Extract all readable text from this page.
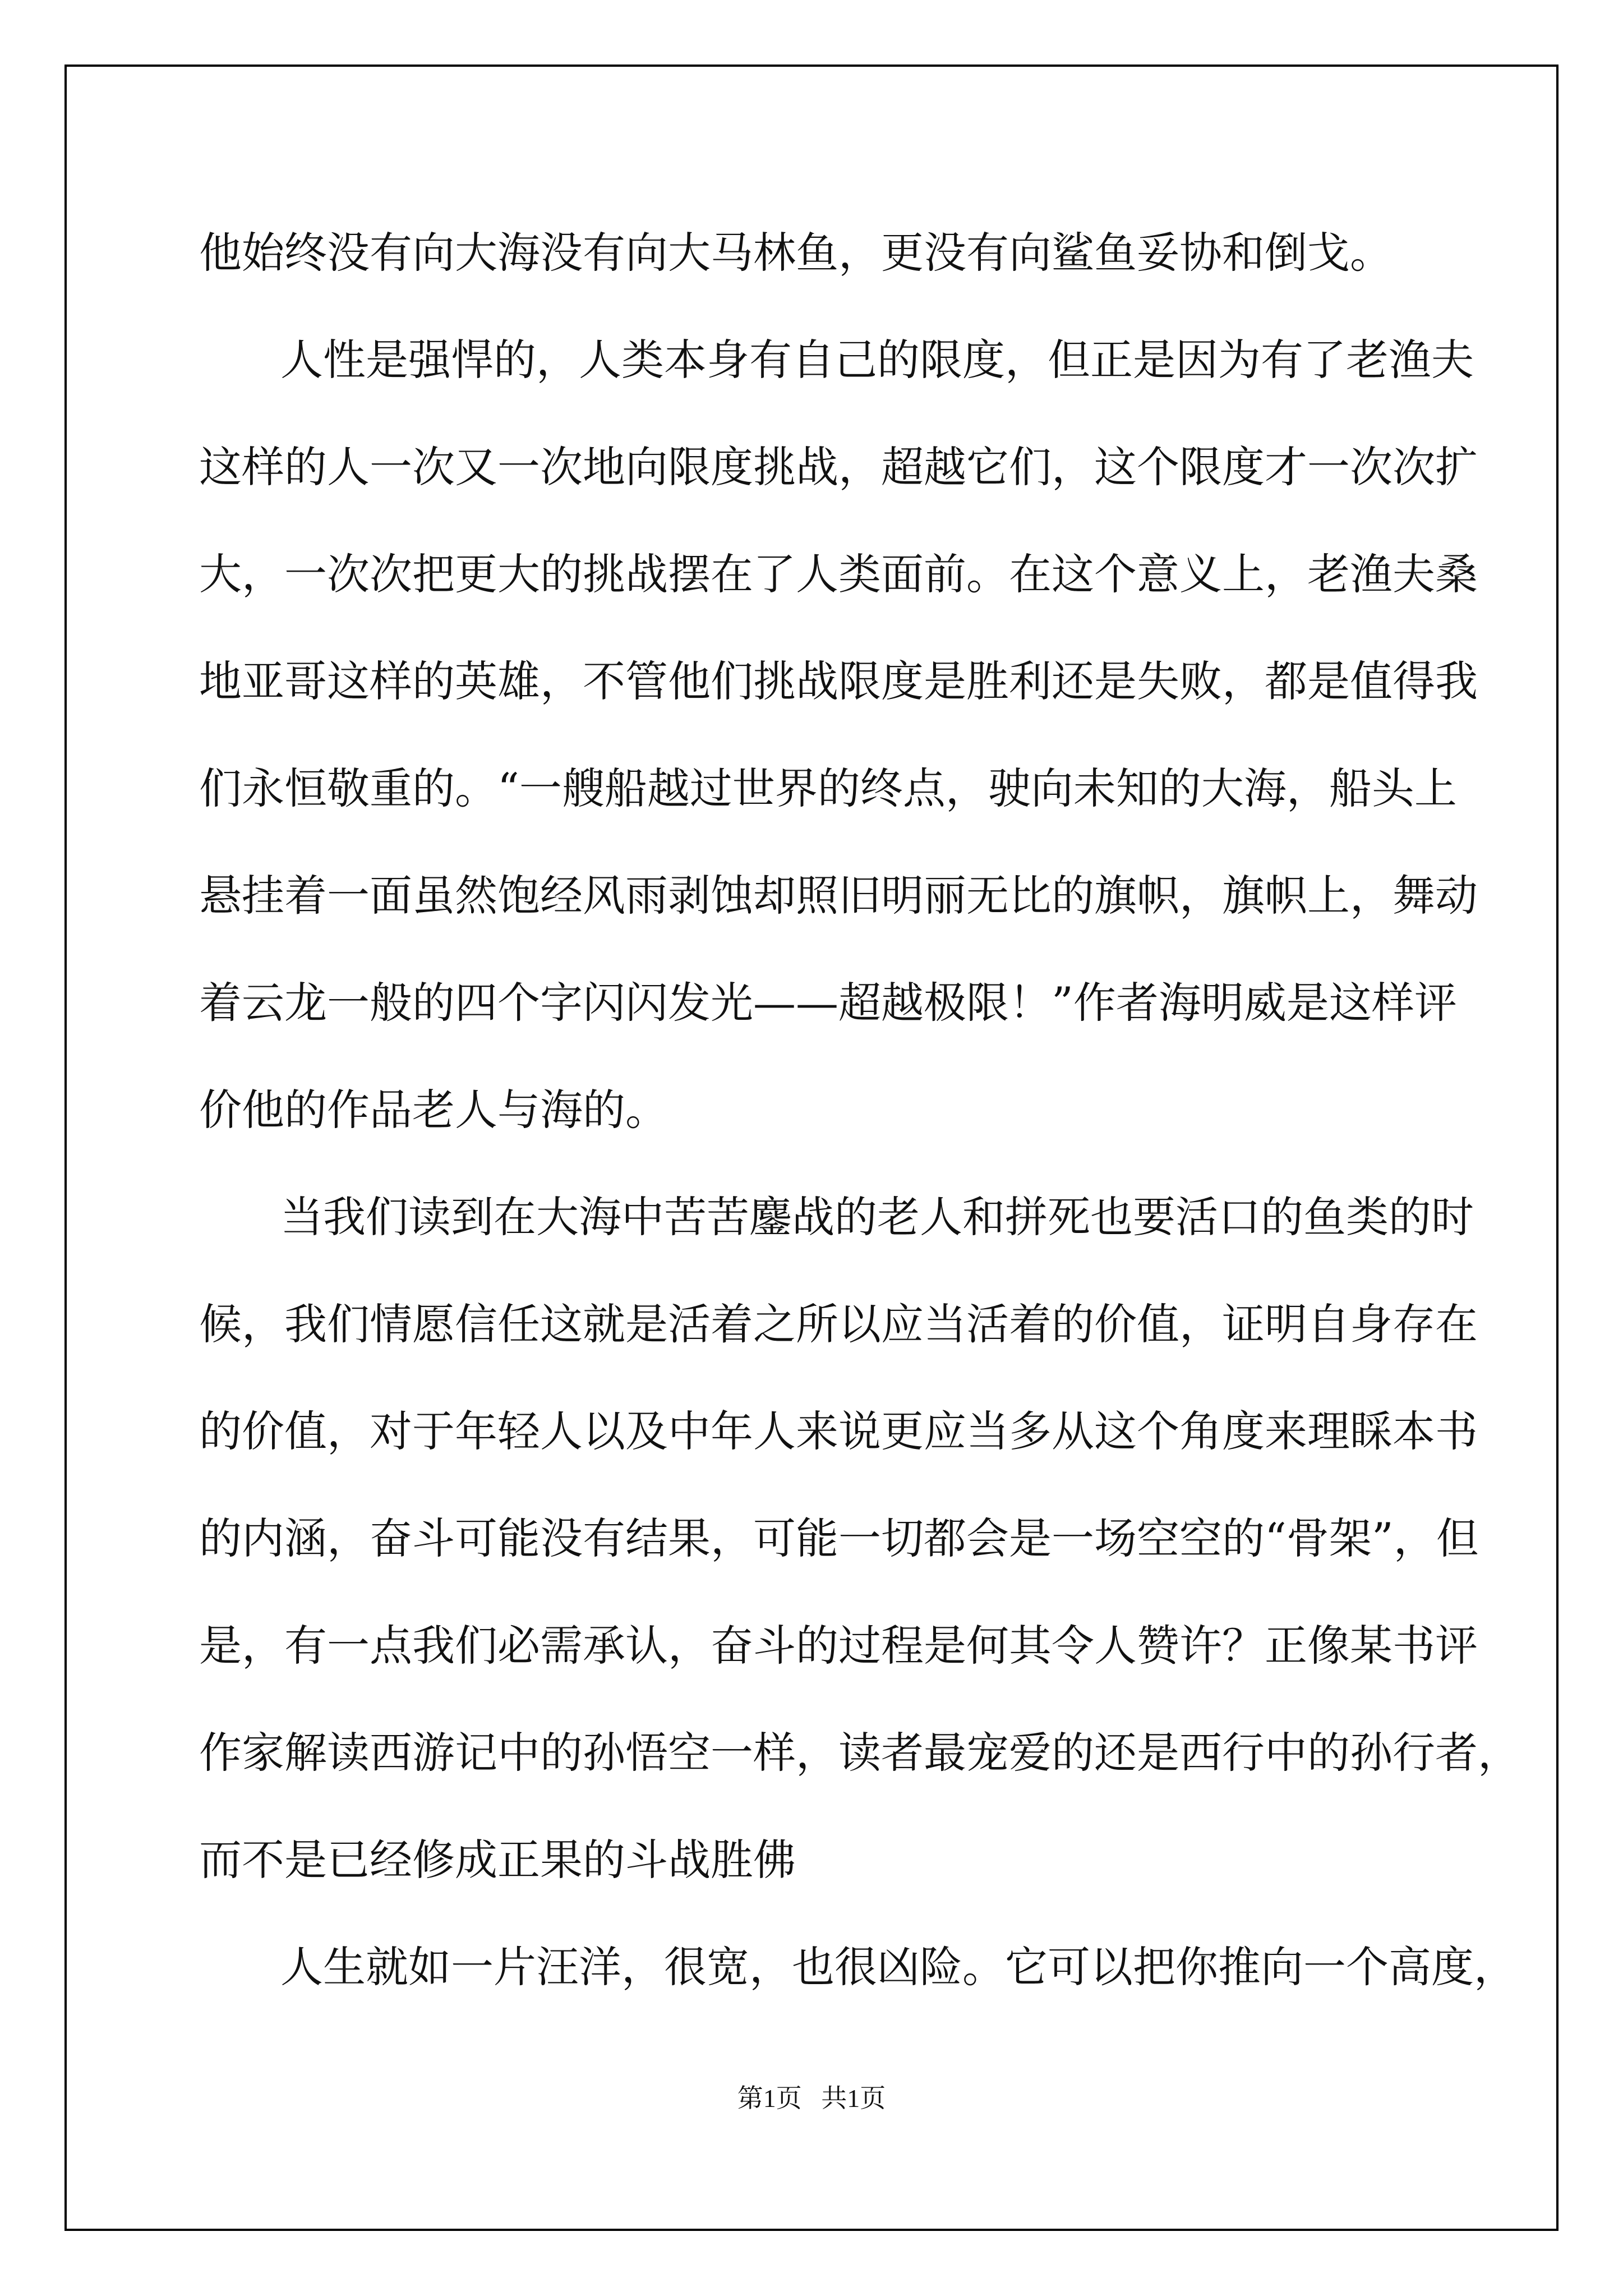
他始终没有向大海没有向大马林鱼，更没有向鲨鱼妥协和倒戈。

人性是强悍的，人类本身有自己的限度，但正是因为有了老渔夫

这样的人一次又一次地向限度挑战，超越它们，这个限度才一次次扩

大，一次次把更大的挑战摆在了人类面前。在这个意义上，老渔夫桑

地亚哥这样的英雄，不管他们挑战限度是胜利还是失败，都是值得我

们永恒敬重的。“一艘船越过世界的终点，驶向未知的大海，船头上

悬挂着一面虽然饱经风雨剥蚀却照旧明丽无比的旗帜，旗帜上，舞动

着云龙一般的四个字闪闪发光——超越极限！”作者海明威是这样评

价他的作品老人与海的。

当我们读到在大海中苦苦鏖战的老人和拼死也要活口的鱼类的时

候，我们情愿信任这就是活着之所以应当活着的价值，证明自身存在

的价值，对于年轻人以及中年人来说更应当多从这个角度来理睬本书

的内涵，奋斗可能没有结果，可能一切都会是一场空空的“骨架”，但

是，有一点我们必需承认，奋斗的过程是何其令人赞许？正像某书评

作家解读西游记中的孙悟空一样，读者最宠爱的还是西行中的孙行者，

而不是已经修成正果的斗战胜佛

人生就如一片汪洋，很宽，也很凶险。它可以把你推向一个高度，

第1页   共1页
